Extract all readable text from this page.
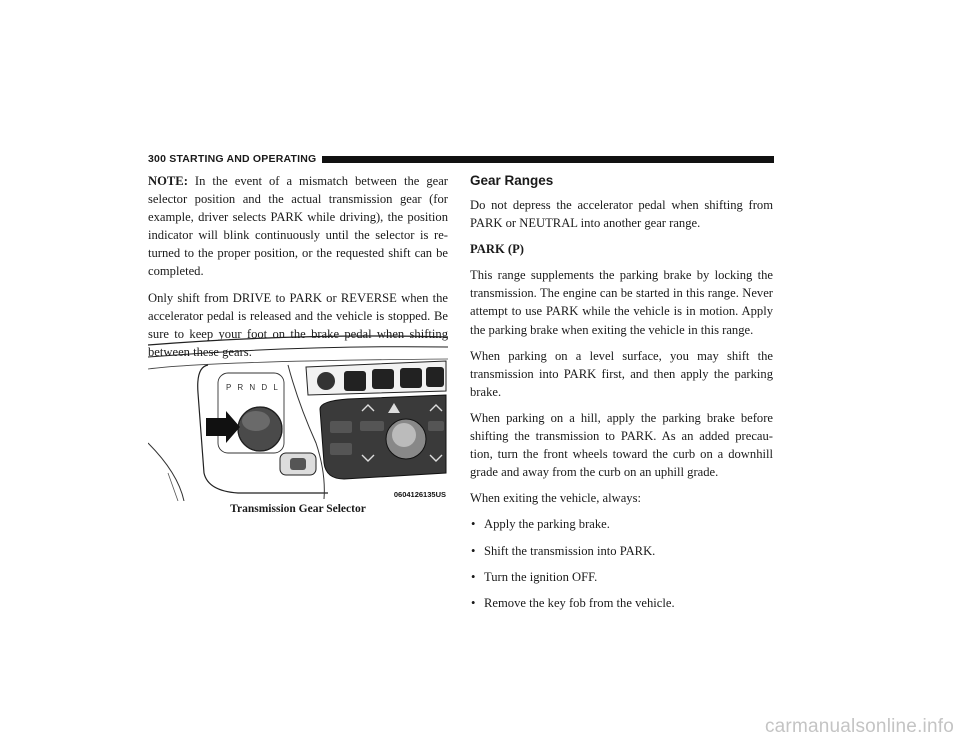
300 STARTING AND OPERATING

NOTE: In the event of a mismatch between the gear selector position and the actual transmission gear (for example, driver selects PARK while driving), the position indicator will blink continuously until the selector is re-turned to the proper position, or the requested shift can be completed.

Only shift from DRIVE to PARK or REVERSE when the accelerator pedal is released and the vehicle is stopped. Be sure to keep your foot on the brake pedal when shifting between these gears.

P R N D L
0604126135US
Transmission Gear Selector
Gear Ranges

Do not depress the accelerator pedal when shifting from PARK or NEUTRAL into another gear range.

PARK (P)

This range supplements the parking brake by locking the transmission. The engine can be started in this range. Never attempt to use PARK while the vehicle is in motion. Apply the parking brake when exiting the vehicle in this range.

When parking on a level surface, you may shift the transmission into PARK first, and then apply the parking brake.

When parking on a hill, apply the parking brake before shifting the transmission to PARK. As an added precau-tion, turn the front wheels toward the curb on a downhill grade and away from the curb on an uphill grade.

When exiting the vehicle, always:

• Apply the parking brake.
• Shift the transmission into PARK.
• Turn the ignition OFF.
• Remove the key fob from the vehicle.
carmanualsonline.info
